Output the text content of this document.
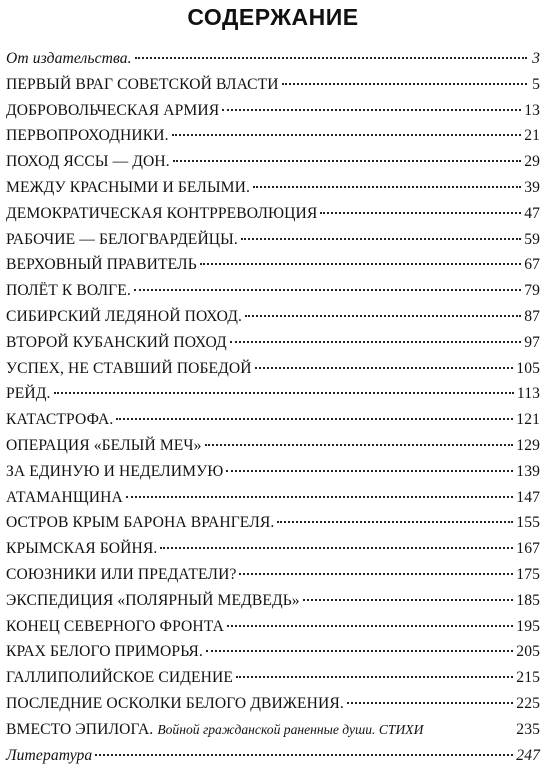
СОДЕРЖАНИЕ
От издательства.	3
ПЕРВЫЙ ВРАГ СОВЕТСКОЙ ВЛАСТИ	5
ДОБРОВОЛЬЧЕСКАЯ АРМИЯ	13
ПЕРВОПРОХОДНИКИ.	21
ПОХОД ЯССЫ — ДОН.	29
МЕЖДУ КРАСНЫМИ И БЕЛЫМИ.	39
ДЕМОКРАТИЧЕСКАЯ КОНТРРЕВОЛЮЦИЯ	47
РАБОЧИЕ — БЕЛОГВАРДЕЙЦЫ.	59
ВЕРХОВНЫЙ ПРАВИТЕЛЬ	67
ПОЛЁТ К ВОЛГЕ.	79
СИБИРСКИЙ ЛЕДЯНОЙ ПОХОД.	87
ВТОРОЙ КУБАНСКИЙ ПОХОД	97
УСПЕХ, НЕ СТАВШИЙ ПОБЕДОЙ	105
РЕЙД.	113
КАТАСТРОФА.	121
ОПЕРАЦИЯ «БЕЛЫЙ МЕЧ»	129
ЗА ЕДИНУЮ И НЕДЕЛИМУЮ	139
АТАМАНЩИНА	147
ОСТРОВ КРЫМ БАРОНА ВРАНГЕЛЯ.	155
КРЫМСКАЯ БОЙНЯ.	167
СОЮЗНИКИ ИЛИ ПРЕДАТЕЛИ?	175
ЭКСПЕДИЦИЯ «ПОЛЯРНЫЙ МЕДВЕДЬ»	185
КОНЕЦ СЕВЕРНОГО ФРОНТА	195
КРАХ БЕЛОГО ПРИМОРЬЯ.	205
ГАЛЛИПОЛИЙСКОЕ СИДЕНИЕ	215
ПОСЛЕДНИЕ ОСКОЛКИ БЕЛОГО ДВИЖЕНИЯ.	225
ВМЕСТО ЭПИЛОГА. Войной гражданской раненные души. СТИХИ	235
Литература	247
